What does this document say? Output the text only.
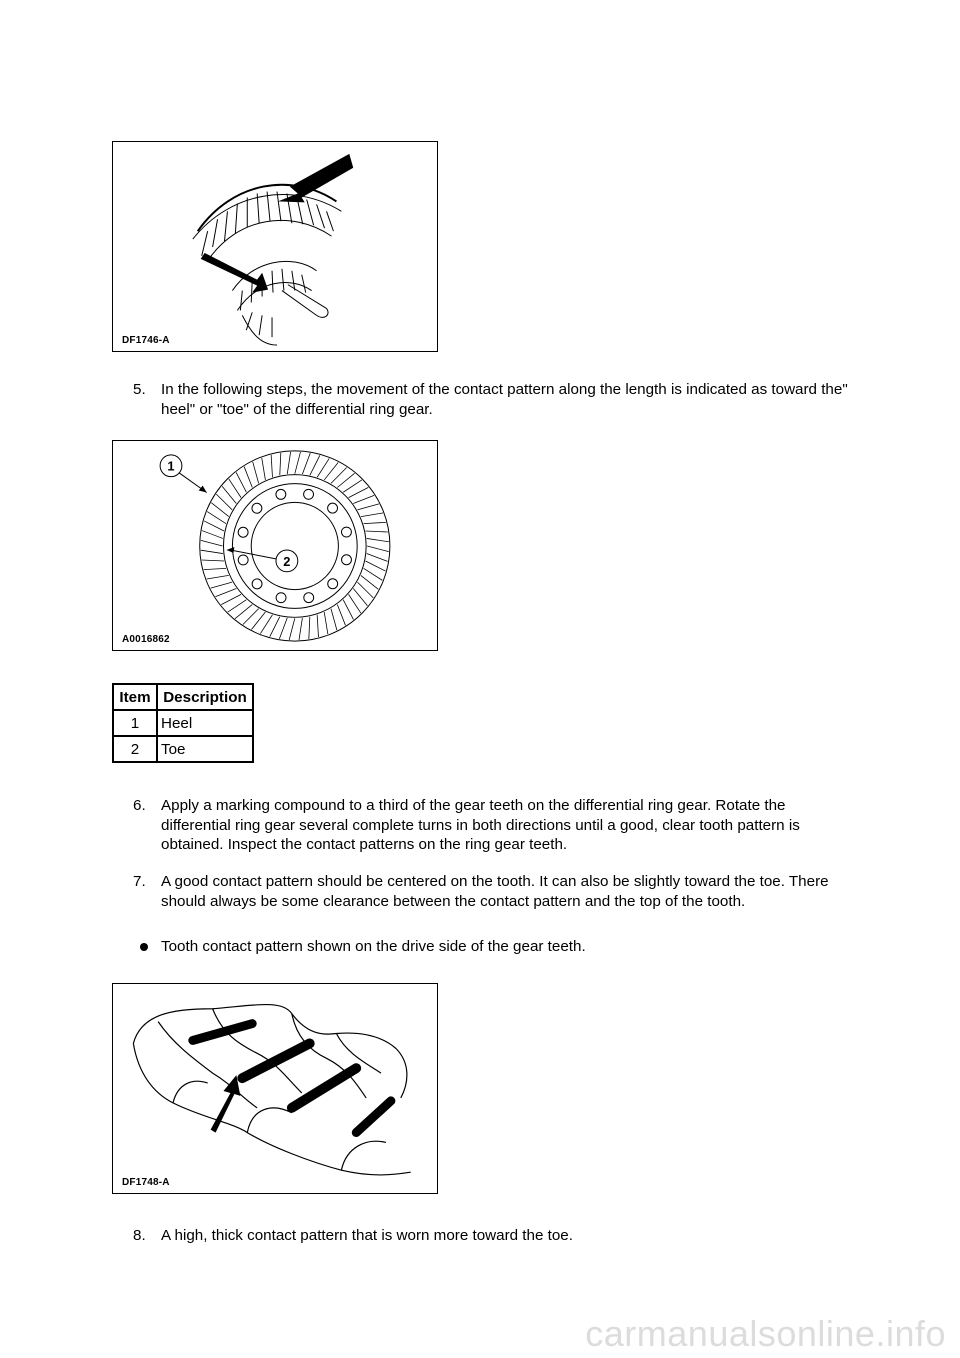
DF1746-A
5. In the following steps, the movement of the contact pattern along the length is indicated as toward the" heel" or "toe" of the differential ring gear.
1
2
A0016862
Item	Description
1	Heel
2	Toe
6. Apply a marking compound to a third of the gear teeth on the differential ring gear. Rotate the differential ring gear several complete turns in both directions until a good, clear tooth pattern is obtained. Inspect the contact patterns on the ring gear teeth.
7. A good contact pattern should be centered on the tooth. It can also be slightly toward the toe. There should always be some clearance between the contact pattern and the top of the tooth.
Tooth contact pattern shown on the drive side of the gear teeth.
DF1748-A
8. A high, thick contact pattern that is worn more toward the toe.
carmanualsonline.info
